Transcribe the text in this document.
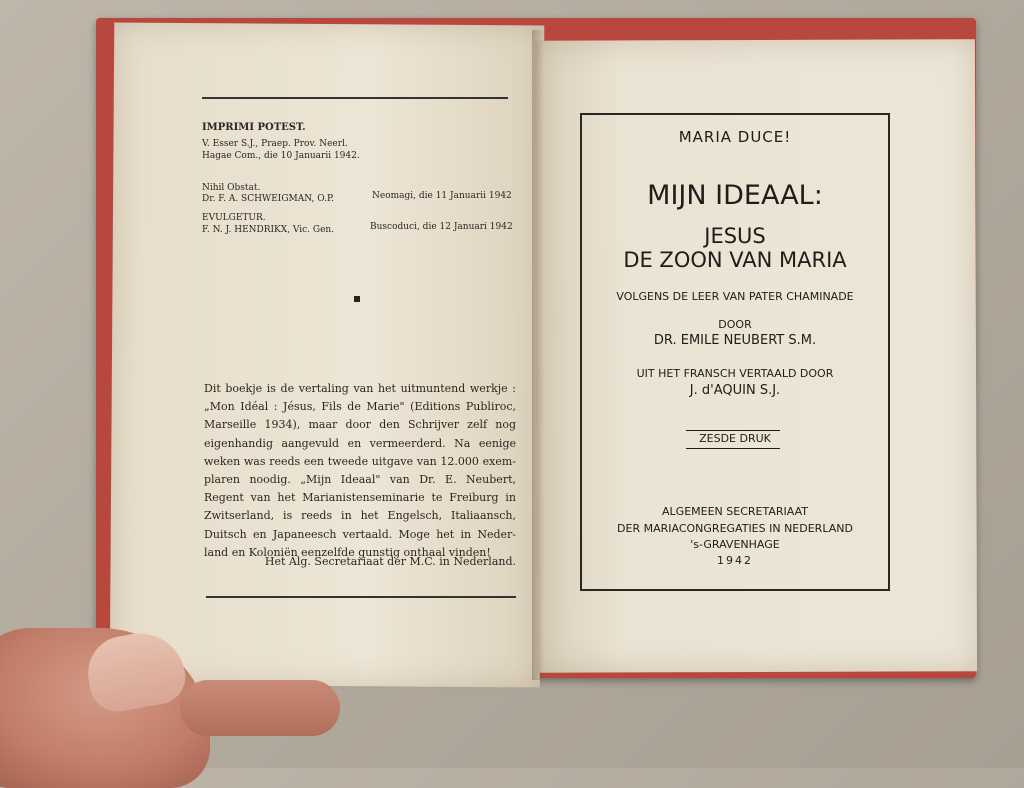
IMPRIMI POTEST.
V. Esser S.J., Praep. Prov. Neerl.
Hagae Com., die 10 Januarii 1942.
Nihil Obstat.
Dr. F. A. SCHWEIGMAN, O.P.	Neomagi, die 11 Januarii 1942
EVULGETUR.
F. N. J. HENDRIKX, Vic. Gen.	Buscoduci, die 12 Januari 1942
Dit boekje is de vertaling van het uitmuntend werkje :
„Mon Idéal : Jésus, Fils de Marie" (Editions Publiroc,
Marseille 1934), maar door den Schrijver zelf nog
eigenhandig aangevuld en vermeerderd. Na eenige
weken was reeds een tweede uitgave van 12.000 exem-
plaren noodig. „Mijn Ideaal" van Dr. E. Neubert,
Regent van het Marianistenseminarie te Freiburg in
Zwitserland, is reeds in het Engelsch, Italiaansch,
Duitsch en Japaneesch vertaald. Moge het in Neder-
land en Koloniën eenzelfde gunstig onthaal vinden!
Het Alg. Secretariaat der M.C. in Nederland.
MARIA DUCE!
MIJN IDEAAL:
JESUS
DE ZOON VAN MARIA
VOLGENS DE LEER VAN PATER CHAMINADE
DOOR
DR. EMILE NEUBERT S.M.
UIT HET FRANSCH VERTAALD DOOR
J. d'AQUIN S.J.
ZESDE DRUK
ALGEMEEN SECRETARIAAT
DER MARIACONGREGATIES IN NEDERLAND
's-GRAVENHAGE
1942
